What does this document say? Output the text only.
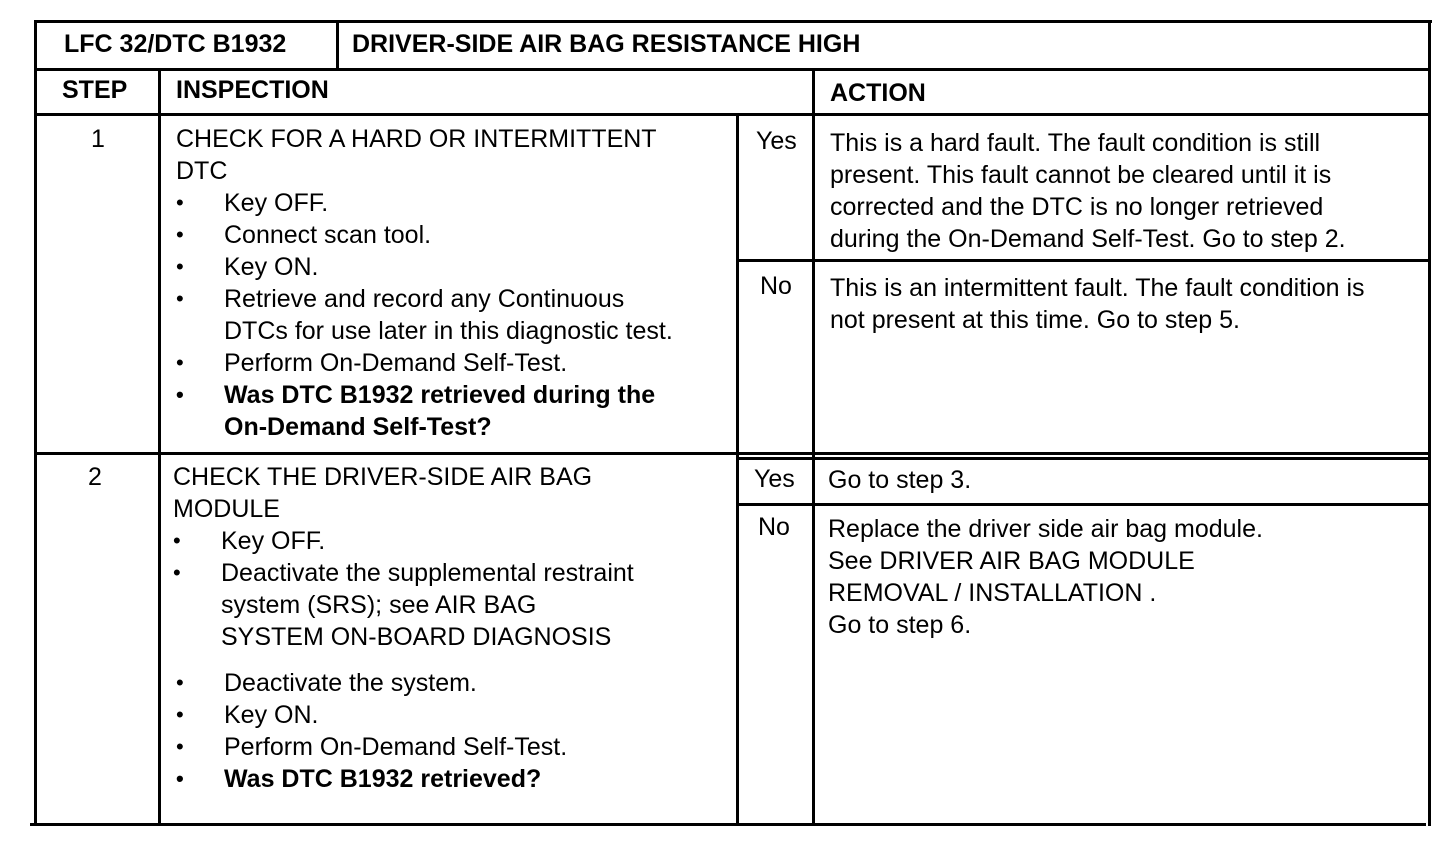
LFC 32/DTC B1932	DRIVER-SIDE AIR BAG RESISTANCE HIGH
STEP INSPECTION	ACTION
1	CHECK FOR A HARD OR INTERMITTENT
DTC
• Key OFF.
• Connect scan tool.
• Key ON.
• Retrieve and record any Continuous
DTCs for use later in this diagnostic test.
• Perform On-Demand Self-Test.
• Was DTC B1932 retrieved during the
On-Demand Self-Test?
Yes This is a hard fault. The fault condition is still
present. This fault cannot be cleared until it is
corrected and the DTC is no longer retrieved
during the On-Demand Self-Test. Go to step 2.
No This is an intermittent fault. The fault condition is
not present at this time. Go to step 5.
2	CHECK THE DRIVER-SIDE AIR BAG
MODULE
• Key OFF.
• Deactivate the supplemental restraint
system (SRS); see AIR BAG
SYSTEM ON-BOARD DIAGNOSIS
• Deactivate the system.
• Key ON.
• Perform On-Demand Self-Test.
• Was DTC B1932 retrieved?
Yes Go to step 3.
No Replace the driver side air bag module.
See DRIVER AIR BAG MODULE
REMOVAL / INSTALLATION .
Go to step 6.
